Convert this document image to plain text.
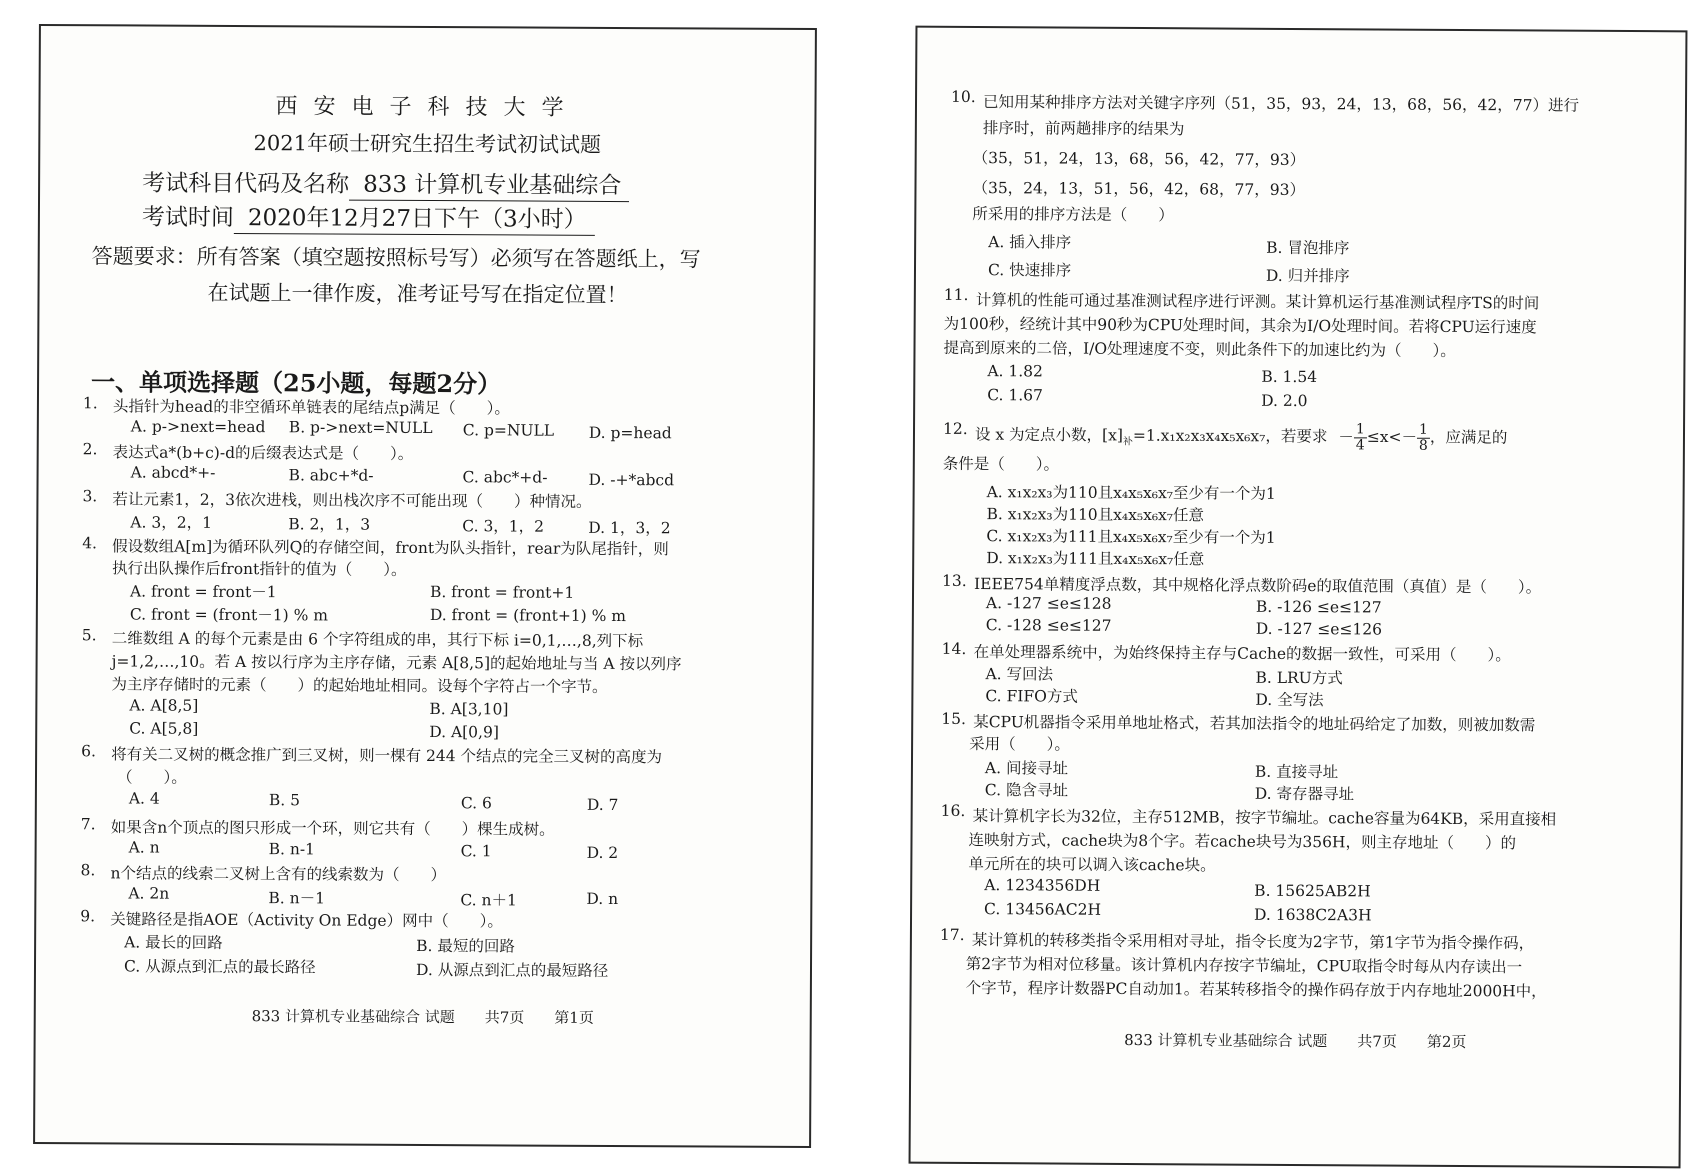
西安电子科技大学
2021年硕士研究生招生考试初试试题
考试科目代码及名称 833 计算机专业基础综合
考试时间 2020年12月27日下午（3小时）
答题要求：所有答案（填空题按照标号写）必须写在答题纸上，写
在试题上一律作废，准考证号写在指定位置！
一、单项选择题（25小题，每题2分）
1. 头指针为head的非空循环单链表的尾结点p满足（　　）。
A. p->next=head B. p->next=NULL C. p=NULL D. p=head
2. 表达式a*(b+c)-d的后缀表达式是（　　）。
A. abcd*+-	B. abc+*d-	C. abc*+d-	D. -+*abcd
3. 若让元素1，2，3依次进栈，则出栈次序不可能出现（　　）种情况。
A. 3，2，1	B. 2，1，3	C. 3，1，2	D. 1，3，2
4. 假设数组A[m]为循环队列Q的存储空间，front为队头指针，rear为队尾指针，则
执行出队操作后front指针的值为（　　）。
A. front = front－1	B. front = front+1
C. front = (front－1) % m	D. front = (front+1) % m
5. 二维数组 A 的每个元素是由 6 个字符组成的串，其行下标 i=0,1,…,8,列下标
j=1,2,…,10。若 A 按以行序为主序存储，元素 A[8,5]的起始地址与当 A 按以列序
为主序存储时的元素（　　）的起始地址相同。设每个字符占一个字节。
A. A[8,5]	B. A[3,10]
C. A[5,8]	D. A[0,9]
6. 将有关二叉树的概念推广到三叉树，则一棵有 244 个结点的完全三叉树的高度为
（　　）。
A. 4	B. 5	C. 6	D. 7
7. 如果含n个顶点的图只形成一个环，则它共有（　　）棵生成树。
A. n	B. n-1	C. 1	D. 2
8. n个结点的线索二叉树上含有的线索数为（　　）
A. 2n	B. n－1	C. n＋1	D. n
9. 关键路径是指AOE（Activity On Edge）网中（　　）。
A. 最长的回路	B. 最短的回路
C. 从源点到汇点的最长路径	D. 从源点到汇点的最短路径
833 计算机专业基础综合 试题　　共7页　　第1页
10. 已知用某种排序方法对关键字序列（51，35，93，24，13，68，56，42，77）进行
排序时，前两趟排序的结果为
（35，51，24，13，68，56，42，77，93）
（35，24，13，51，56，42，68，77，93）
所采用的排序方法是（　　）
A. 插入排序	B. 冒泡排序
C. 快速排序	D. 归并排序
11. 计算机的性能可通过基准测试程序进行评测。某计算机运行基准测试程序TS的时间
为100秒，经统计其中90秒为CPU处理时间，其余为I/O处理时间。若将CPU运行速度
提高到原来的二倍，I/O处理速度不变，则此条件下的加速比约为（　　）。
A. 1.82	B. 1.54
C. 1.67	D. 2.0
12. 设 x 为定点小数，$[x]_补=1.x_1x_2x_3x_4x_5x_6x_7$，若要求 － $\frac{1}{4} \le x<- \frac{1}{8}$ ，应满足的
条件是（　　）。
A. x₁x₂x₃为110且x₄x₅x₆x₇至少有一个为1
B. x₁x₂x₃为110且x₄x₅x₆x₇任意
C. x₁x₂x₃为111且x₄x₅x₆x₇至少有一个为1
D. x₁x₂x₃为111且x₄x₅x₆x₇任意
13. IEEE754单精度浮点数，其中规格化浮点数阶码e的取值范围（真值）是（　　）。
A. -127 ≤e≤128	B. -126 ≤e≤127
C. -128 ≤e≤127	D. -127 ≤e≤126
14. 在单处理器系统中，为始终保持主存与Cache的数据一致性，可采用（　　）。
A. 写回法	B. LRU方式
C. FIFO方式	D. 全写法
15. 某CPU机器指令采用单地址格式，若其加法指令的地址码给定了加数，则被加数需
采用（　　）。
A. 间接寻址	B. 直接寻址
C. 隐含寻址	D. 寄存器寻址
16. 某计算机字长为32位，主存512MB，按字节编址。cache容量为64KB，采用直接相
连映射方式，cache块为8个字。若cache块号为356H，则主存地址（　　）的
单元所在的块可以调入该cache块。
A. 1234356DH	B. 15625AB2H
C. 13456AC2H	D. 1638C2A3H
17. 某计算机的转移类指令采用相对寻址，指令长度为2字节，第1字节为指令操作码，
第2字节为相对位移量。该计算机内存按字节编址，CPU取指令时每从内存读出一
个字节，程序计数器PC自动加1。若某转移指令的操作码存放于内存地址2000H中，
833 计算机专业基础综合 试题　　共7页　　第2页
